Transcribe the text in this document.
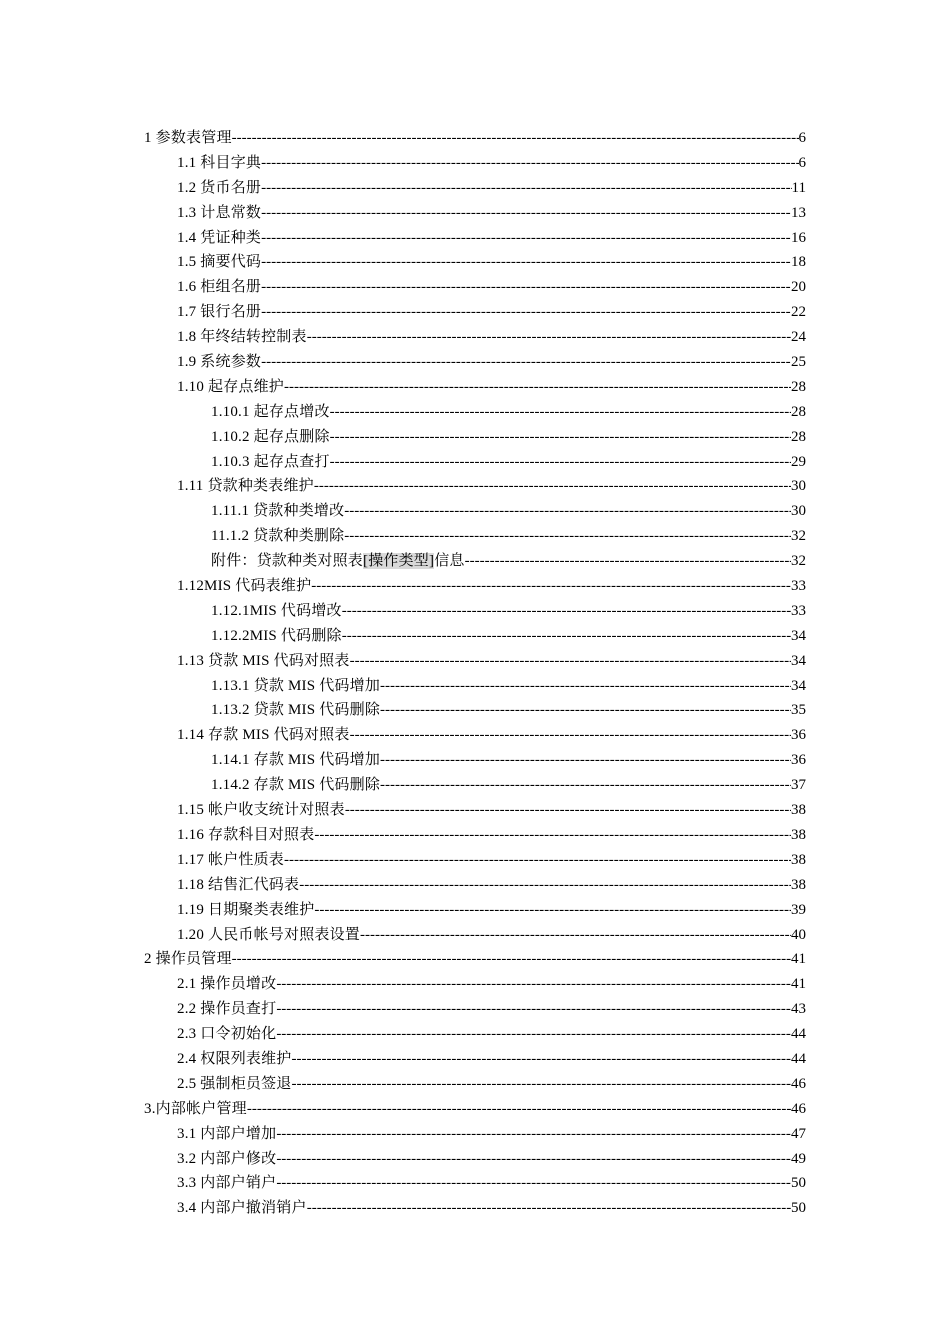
1 参数表管理 -----	6
1.1 科目字典 -----	6
1.2 货币名册 -----	11
1.3 计息常数 -----	13
1.4 凭证种类 -----	16
1.5 摘要代码 -----	18
1.6 柜组名册 -----	20
1.7 银行名册 -----	22
1.8 年终结转控制表 -----	24
1.9 系统参数 -----	25
1.10 起存点维护 -----	28
1.10.1 起存点增改 -----	28
1.10.2 起存点删除 -----	28
1.10.3 起存点查打 -----	29
1.11 贷款种类表维护 -----	30
1.11.1 贷款种类增改 -----	30
11.1.2 贷款种类删除 -----	32
附件：贷款种类对照表[操作类型]信息 -----	32
1.12MIS 代码表维护 -----	33
1.12.1MIS 代码增改 -----	33
1.12.2MIS 代码删除 -----	34
1.13 贷款 MIS 代码对照表 -----	34
1.13.1 贷款 MIS 代码增加 -----	34
1.13.2 贷款 MIS 代码删除 -----	35
1.14 存款 MIS 代码对照表 -----	36
1.14.1 存款 MIS 代码增加 -----	36
1.14.2 存款 MIS 代码删除 -----	37
1.15 帐户收支统计对照表 -----	38
1.16 存款科目对照表 -----	38
1.17 帐户性质表 -----	38
1.18 结售汇代码表 -----	38
1.19 日期聚类表维护 -----	39
1.20 人民币帐号对照表设置 -----	40
2 操作员管理 -----	41
2.1 操作员增改 -----	41
2.2 操作员查打 -----	43
2.3 口令初始化 -----	44
2.4 权限列表维护 -----	44
2.5 强制柜员签退 -----	46
3.内部帐户管理 -----	46
3.1 内部户增加 -----	47
3.2 内部户修改 -----	49
3.3 内部户销户 -----	50
3.4 内部户撤消销户 -----	50
